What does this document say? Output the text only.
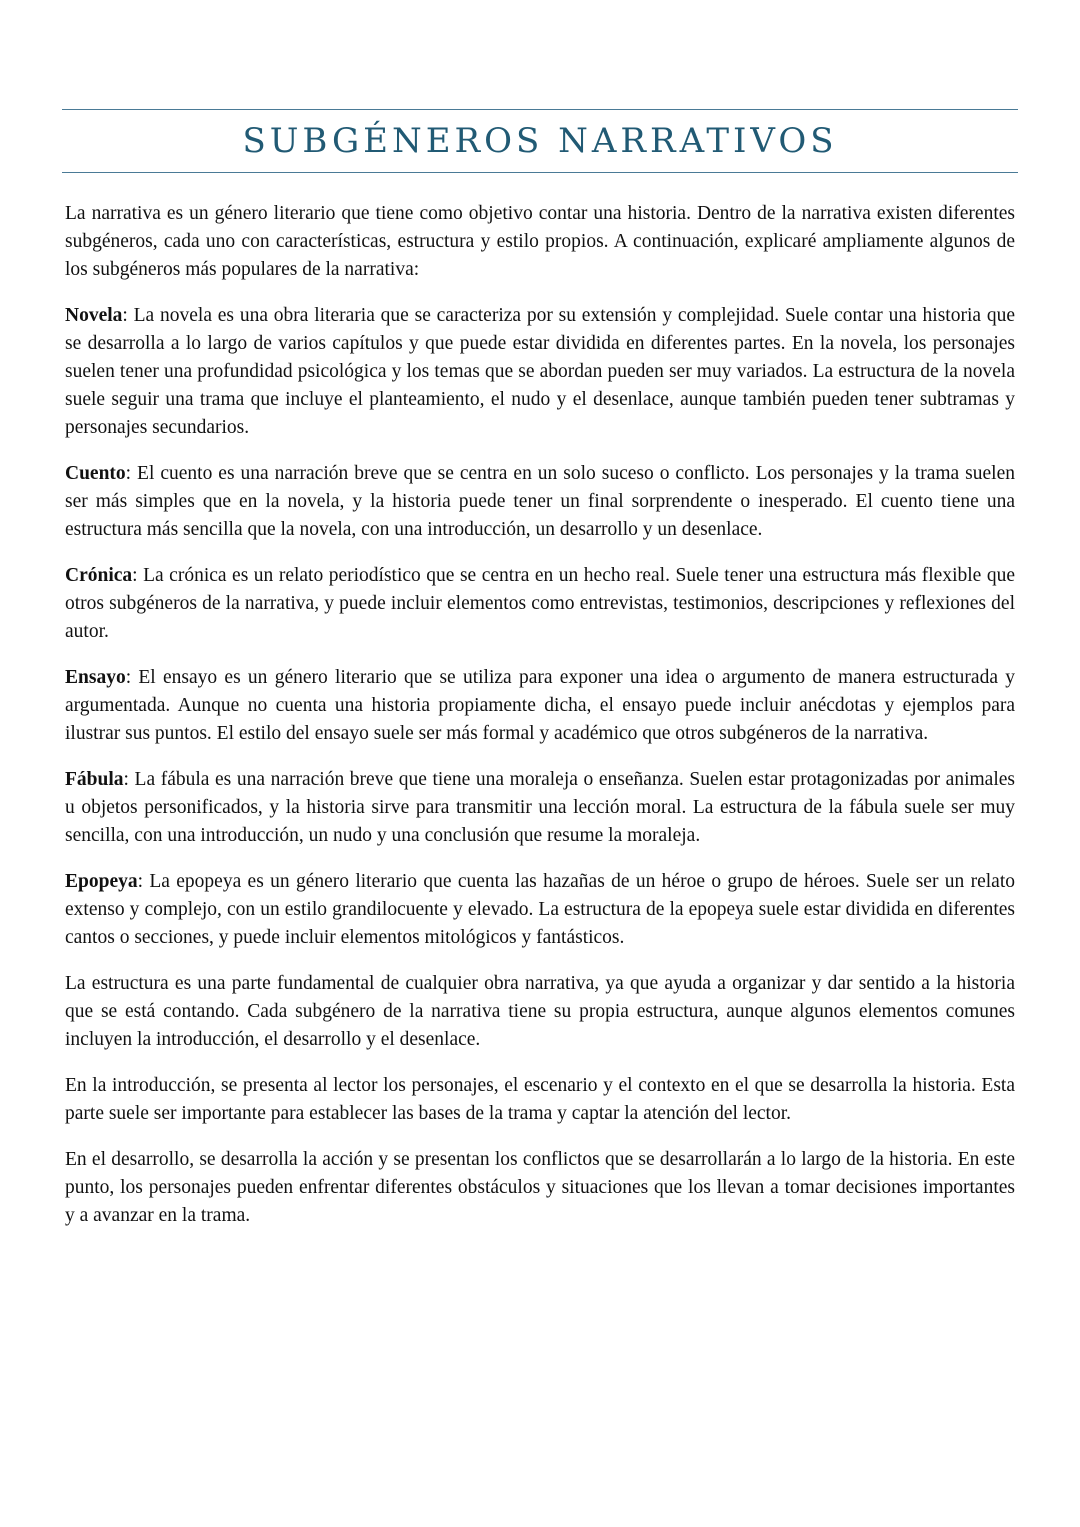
SUBGÉNEROS NARRATIVOS

La narrativa es un género literario que tiene como objetivo contar una historia. Dentro de la narrativa existen diferentes subgéneros, cada uno con características, estructura y estilo propios. A continuación, explicaré ampliamente algunos de los subgéneros más populares de la narrativa:

Novela: La novela es una obra literaria que se caracteriza por su extensión y complejidad. Suele contar una historia que se desarrolla a lo largo de varios capítulos y que puede estar dividida en diferentes partes. En la novela, los personajes suelen tener una profundidad psicológica y los temas que se abordan pueden ser muy variados. La estructura de la novela suele seguir una trama que incluye el planteamiento, el nudo y el desenlace, aunque también pueden tener subtramas y personajes secundarios.

Cuento: El cuento es una narración breve que se centra en un solo suceso o conflicto. Los personajes y la trama suelen ser más simples que en la novela, y la historia puede tener un final sorprendente o inesperado. El cuento tiene una estructura más sencilla que la novela, con una introducción, un desarrollo y un desenlace.

Crónica: La crónica es un relato periodístico que se centra en un hecho real. Suele tener una estructura más flexible que otros subgéneros de la narrativa, y puede incluir elementos como entrevistas, testimonios, descripciones y reflexiones del autor.

Ensayo: El ensayo es un género literario que se utiliza para exponer una idea o argumento de manera estructurada y argumentada. Aunque no cuenta una historia propiamente dicha, el ensayo puede incluir anécdotas y ejemplos para ilustrar sus puntos. El estilo del ensayo suele ser más formal y académico que otros subgéneros de la narrativa.

Fábula: La fábula es una narración breve que tiene una moraleja o enseñanza. Suelen estar protagonizadas por animales u objetos personificados, y la historia sirve para transmitir una lección moral. La estructura de la fábula suele ser muy sencilla, con una introducción, un nudo y una conclusión que resume la moraleja.

Epopeya: La epopeya es un género literario que cuenta las hazañas de un héroe o grupo de héroes. Suele ser un relato extenso y complejo, con un estilo grandilocuente y elevado. La estructura de la epopeya suele estar dividida en diferentes cantos o secciones, y puede incluir elementos mitológicos y fantásticos.

La estructura es una parte fundamental de cualquier obra narrativa, ya que ayuda a organizar y dar sentido a la historia que se está contando. Cada subgénero de la narrativa tiene su propia estructura, aunque algunos elementos comunes incluyen la introducción, el desarrollo y el desenlace.

En la introducción, se presenta al lector los personajes, el escenario y el contexto en el que se desarrolla la historia. Esta parte suele ser importante para establecer las bases de la trama y captar la atención del lector.

En el desarrollo, se desarrolla la acción y se presentan los conflictos que se desarrollarán a lo largo de la historia. En este punto, los personajes pueden enfrentar diferentes obstáculos y situaciones que los llevan a tomar decisiones importantes y a avanzar en la trama.
